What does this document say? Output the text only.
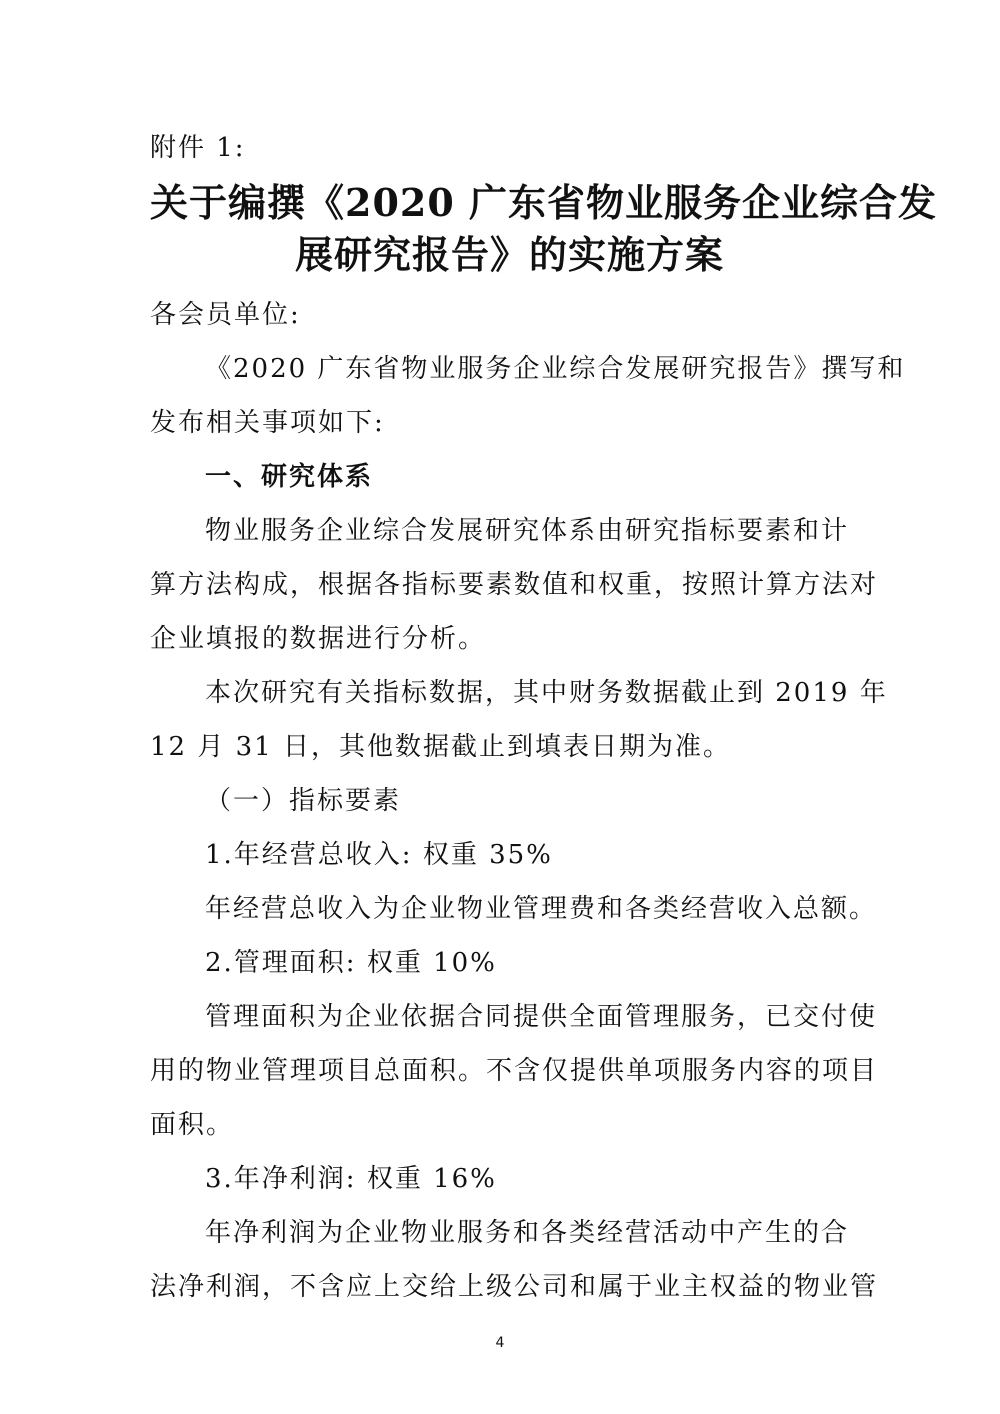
附件 1:
关于编撰《2020 广东省物业服务企业综合发
展研究报告》的实施方案
各会员单位:
《2020 广东省物业服务企业综合发展研究报告》撰写和
发布相关事项如下:
一、研究体系
物业服务企业综合发展研究体系由研究指标要素和计
算方法构成，根据各指标要素数值和权重，按照计算方法对
企业填报的数据进行分析。
本次研究有关指标数据，其中财务数据截止到 2019 年
12 月 31 日，其他数据截止到填表日期为准。
（一）指标要素
1.年经营总收入: 权重 35%
年经营总收入为企业物业管理费和各类经营收入总额。
2.管理面积: 权重 10%
管理面积为企业依据合同提供全面管理服务，已交付使
用的物业管理项目总面积。不含仅提供单项服务内容的项目
面积。
3.年净利润: 权重 16%
年净利润为企业物业服务和各类经营活动中产生的合
法净利润，不含应上交给上级公司和属于业主权益的物业管
4
